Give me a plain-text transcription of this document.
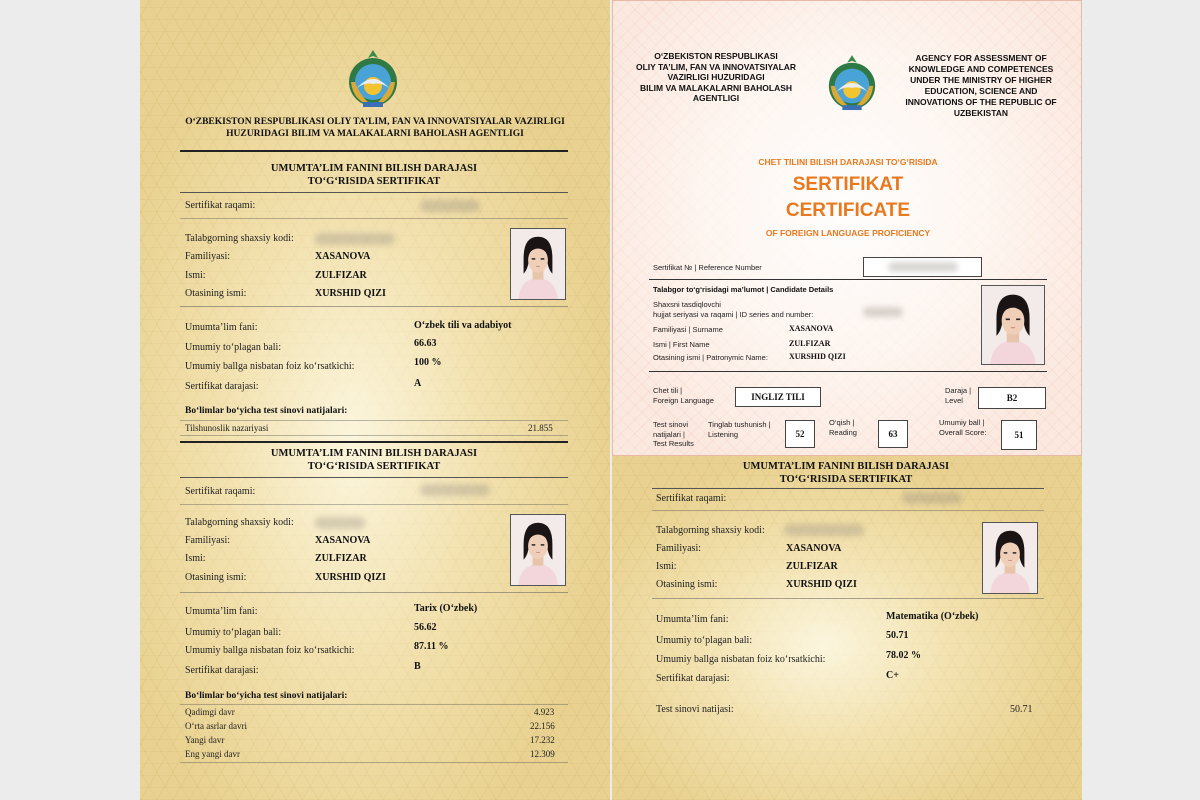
O‘ZBEKISTON RESPUBLIKASI OLIY TA’LIM, FAN VA INNOVATSIYALAR VAZIRLIGI
HUZURIDAGI BILIM VA MALAKALARNI BAHOLASH AGENTLIGI
UMUMTA’LIM FANINI BILISH DARAJASI
TO‘G‘RISIDA SERTIFIKAT
Sertifikat raqami:
Talabgorning shaxsiy kodi:
Familiyasi:	XASANOVA
Ismi:	ZULFIZAR
Otasining ismi:	XURSHID QIZI
Umumta’lim fani:	O‘zbek tili va adabiyot
Umumiy to‘plagan bali:	66.63
Umumiy ballga nisbatan foiz ko‘rsatkichi:	100 %
Sertifikat darajasi:	A
Bo‘limlar bo‘yicha test sinovi natijalari:
Tilshunoslik nazariyasi	21.855
UMUMTA’LIM FANINI BILISH DARAJASI
TO‘G‘RISIDA SERTIFIKAT
Sertifikat raqami:
Talabgorning shaxsiy kodi:
Familiyasi:	XASANOVA
Ismi:	ZULFIZAR
Otasining ismi:	XURSHID QIZI
Umumta’lim fani:	Tarix (O‘zbek)
Umumiy to‘plagan bali:	56.62
Umumiy ballga nisbatan foiz ko‘rsatkichi:	87.11 %
Sertifikat darajasi:	B
Bo‘limlar bo‘yicha test sinovi natijalari:
Qadimgi davr	4.923
O‘rta asrlar davri	22.156
Yangi davr	17.232
Eng yangi davr	12.309
O‘ZBEKISTON RESPUBLIKASI
OLIY TA’LIM, FAN VA INNOVATSIYALAR
VAZIRLIGI HUZURIDAGI
BILIM VA MALAKALARNI BAHOLASH
AGENTLIGI
AGENCY FOR ASSESSMENT OF
KNOWLEDGE AND COMPETENCES
UNDER THE MINISTRY OF HIGHER
EDUCATION, SCIENCE AND
INNOVATIONS OF THE REPUBLIC OF
UZBEKISTAN
CHET TILINI BILISH DARAJASI TO‘G‘RISIDA
SERTIFIKAT
CERTIFICATE
OF FOREIGN LANGUAGE PROFICIENCY
Sertifikat № | Reference Number
Talabgor to‘g‘risidagi ma’lumot | Candidate Details
Shaxsni tasdiqlovchi
hujjat seriyasi va raqami | ID series and number:
Familiyasi | Surname	XASANOVA
Ismi | First Name	ZULFIZAR
Otasining ismi | Patronymic Name:	XURSHID QIZI
Chet tili |
Foreign Language	INGLIZ TILI
Daraja |
Level	B2
Test sinovi
natijalari |
Test Results
Tinglab tushunish |
Listening	52
O‘qish |
Reading	63
Umumiy ball |
Overall Score:	51
UMUMTA’LIM FANINI BILISH DARAJASI
TO‘G‘RISIDA SERTIFIKAT
Sertifikat raqami:
Talabgorning shaxsiy kodi:
Familiyasi:	XASANOVA
Ismi:	ZULFIZAR
Otasining ismi:	XURSHID QIZI
Umumta’lim fani:	Matematika (O‘zbek)
Umumiy to‘plagan bali:	50.71
Umumiy ballga nisbatan foiz ko‘rsatkichi:	78.02 %
Sertifikat darajasi:	C+
Test sinovi natijasi:	50.71
